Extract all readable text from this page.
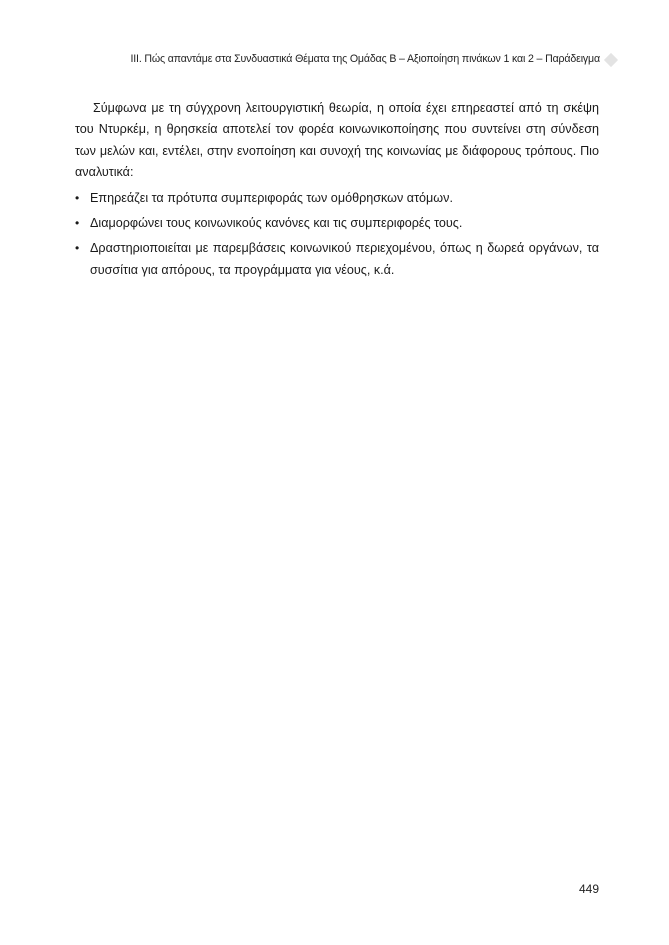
III. Πώς απαντάμε στα Συνδυαστικά Θέματα της Ομάδας Β – Αξιοποίηση πινάκων 1 και 2 – Παράδειγμα

Σύμφωνα με τη σύγχρονη λειτουργιστική θεωρία, η οποία έχει επηρεαστεί από τη σκέψη του Ντυρκέμ, η θρησκεία αποτελεί τον φορέα κοινωνικοποίησης που συντείνει στη σύνδεση των μελών και, εντέλει, στην ενοποίηση και συνοχή της κοινωνίας με διάφορους τρόπους. Πιο αναλυτικά:

• Επηρεάζει τα πρότυπα συμπεριφοράς των ομόθρησκων ατόμων.
• Διαμορφώνει τους κοινωνικούς κανόνες και τις συμπεριφορές τους.
• Δραστηριοποιείται με παρεμβάσεις κοινωνικού περιεχομένου, όπως η δωρεά οργάνων, τα συσσίτια για απόρους, τα προγράμματα για νέους, κ.ά.
449
